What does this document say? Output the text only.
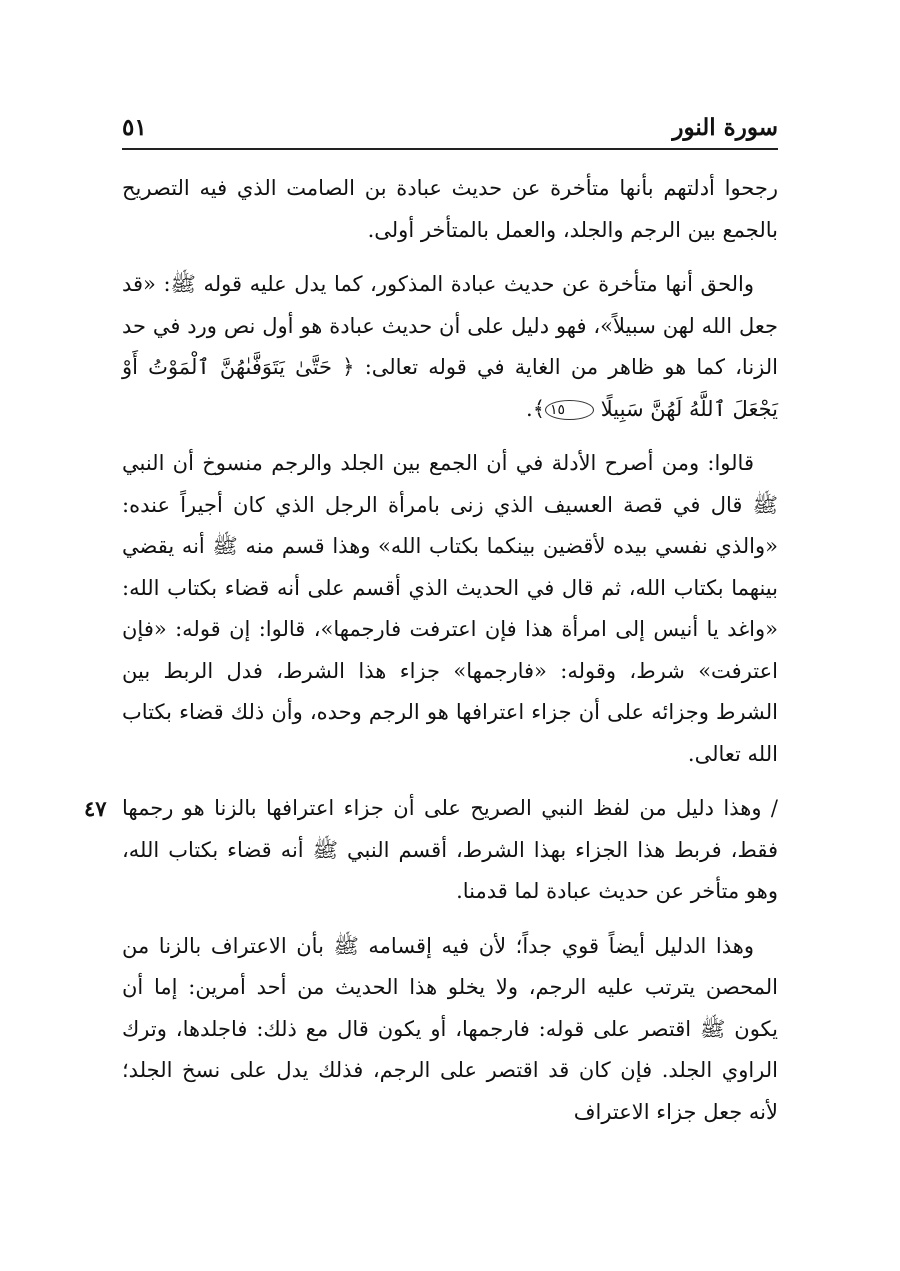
سورة النور
٥١

رجحوا أدلتهم بأنها متأخرة عن حديث عبادة بن الصامت الذي فيه التصريح بالجمع بين الرجم والجلد، والعمل بالمتأخر أولى.

والحق أنها متأخرة عن حديث عبادة المذكور، كما يدل عليه قوله ﷺ: «قد جعل الله لهن سبيلاً»، فهو دليل على أن حديث عبادة هو أول نص ورد في حد الزنا، كما هو ظاهر من الغاية في قوله تعالى: ﴿ حَتَّىٰ يَتَوَفَّىٰهُنَّ ٱلْمَوْتُ أَوْ يَجْعَلَ ٱللَّهُ لَهُنَّ سَبِيلًا ١٥﴾.

قالوا: ومن أصرح الأدلة في أن الجمع بين الجلد والرجم منسوخ أن النبي ﷺ قال في قصة العسيف الذي زنى بامرأة الرجل الذي كان أجيراً عنده: «والذي نفسي بيده لأقضين بينكما بكتاب الله» وهذا قسم منه ﷺ أنه يقضي بينهما بكتاب الله، ثم قال في الحديث الذي أقسم على أنه قضاء بكتاب الله: «واغد يا أنيس إلى امرأة هذا فإن اعترفت فارجمها»، قالوا: إن قوله: «فإن اعترفت» شرط، وقوله: «فارجمها» جزاء هذا الشرط، فدل الربط بين الشرط وجزائه على أن جزاء اعترافها هو الرجم وحده، وأن ذلك قضاء بكتاب الله تعالى.

٤٧ / وهذا دليل من لفظ النبي الصريح على أن جزاء اعترافها بالزنا هو رجمها فقط، فربط هذا الجزاء بهذا الشرط، أقسم النبي ﷺ أنه قضاء بكتاب الله، وهو متأخر عن حديث عبادة لما قدمنا.

وهذا الدليل أيضاً قوي جداً؛ لأن فيه إقسامه ﷺ بأن الاعتراف بالزنا من المحصن يترتب عليه الرجم، ولا يخلو هذا الحديث من أحد أمرين: إما أن يكون ﷺ اقتصر على قوله: فارجمها، أو يكون قال مع ذلك: فاجلدها، وترك الراوي الجلد. فإن كان قد اقتصر على الرجم، فذلك يدل على نسخ الجلد؛ لأنه جعل جزاء الاعتراف
